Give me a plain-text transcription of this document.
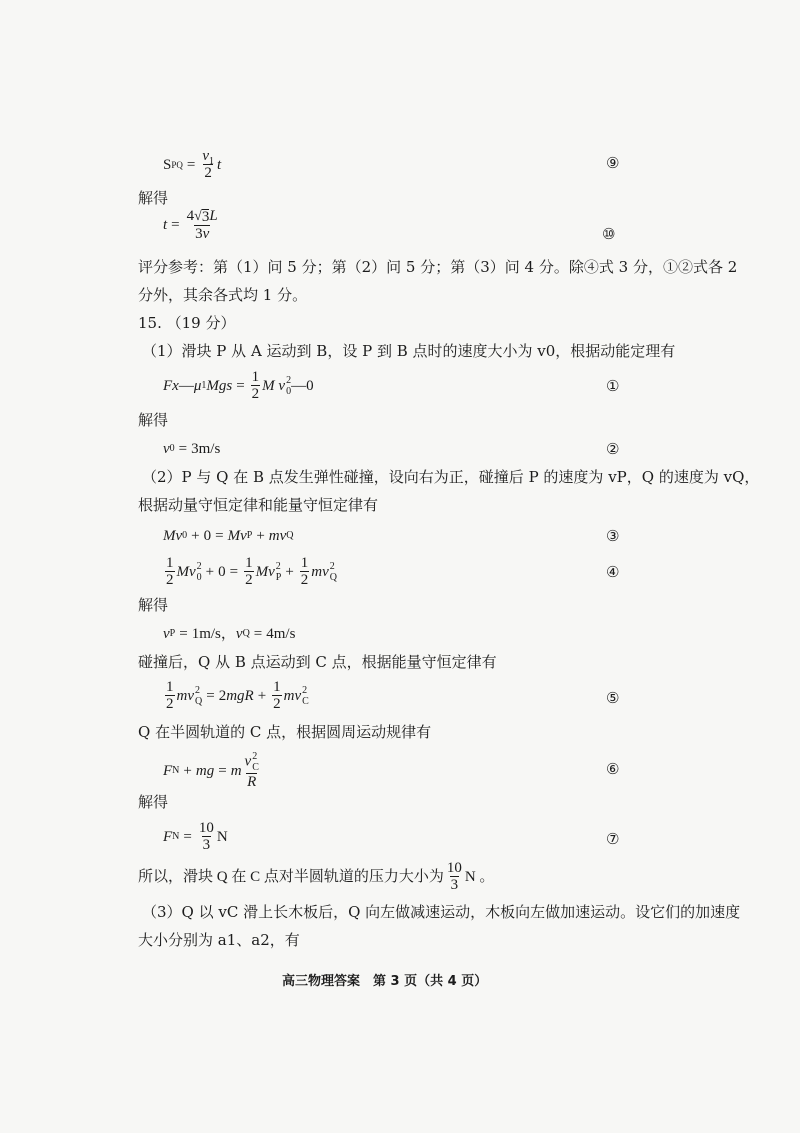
S PQ = $\frac{v_1}{2}$ t	⑨
解得
$t = \frac{4 √ 3 L}{3v}$	⑩
评分参考：第（1）问 5 分；第（2）问 5 分；第（3）问 4 分。除④式 3 分，①②式各 2
分外，其余各式均 1 分。
15. （19 分）
（1）滑块 P 从 A 运动到 B，设 P 到 B 点时的速度大小为 v0，根据动能定理有
Fx — μ 1 Mgs = $\frac{1}{2}$ M
v 2
0 —0	①
解得
v 0 = 3m/s	②
（2）P 与 Q 在 B 点发生弹性碰撞，设向右为正，碰撞后 P 的速度为 vP，Q 的速度为 vQ，
根据动量守恒定律和能量守恒定律有
Mv 0 + 0 = Mv P + mv Q	③
$\frac{1}{2}$ Mv 2
$0 + 0 = \frac{1}{2}$ Mv 2
$P + \frac{1}{2}$ mv 2
Q	④
解得
v P = 1m/s， v Q = 4m/s
碰撞后，Q 从 B 点运动到 C 点，根据能量守恒定律有
$\frac{1}{2}$ mv 2
Q = 2 mgR + $\frac{1}{2}$ mv 2
C	⑤
Q 在半圆轨道的 C 点，根据圆周运动规律有
F N + mg = m v 2
C
R	⑥
解得
F $N = \frac{10}{3}$ N	⑦
所以，滑块 Q 在 C 点对半圆轨道的压力大小为 $\frac{10}{3}$ N 。
（3）Q 以 vC 滑上长木板后，Q 向左做减速运动，木板向左做加速运动。设它们的加速度
大小分别为 a1、a2，有
高三物理答案　第 3 页（共 4 页）
